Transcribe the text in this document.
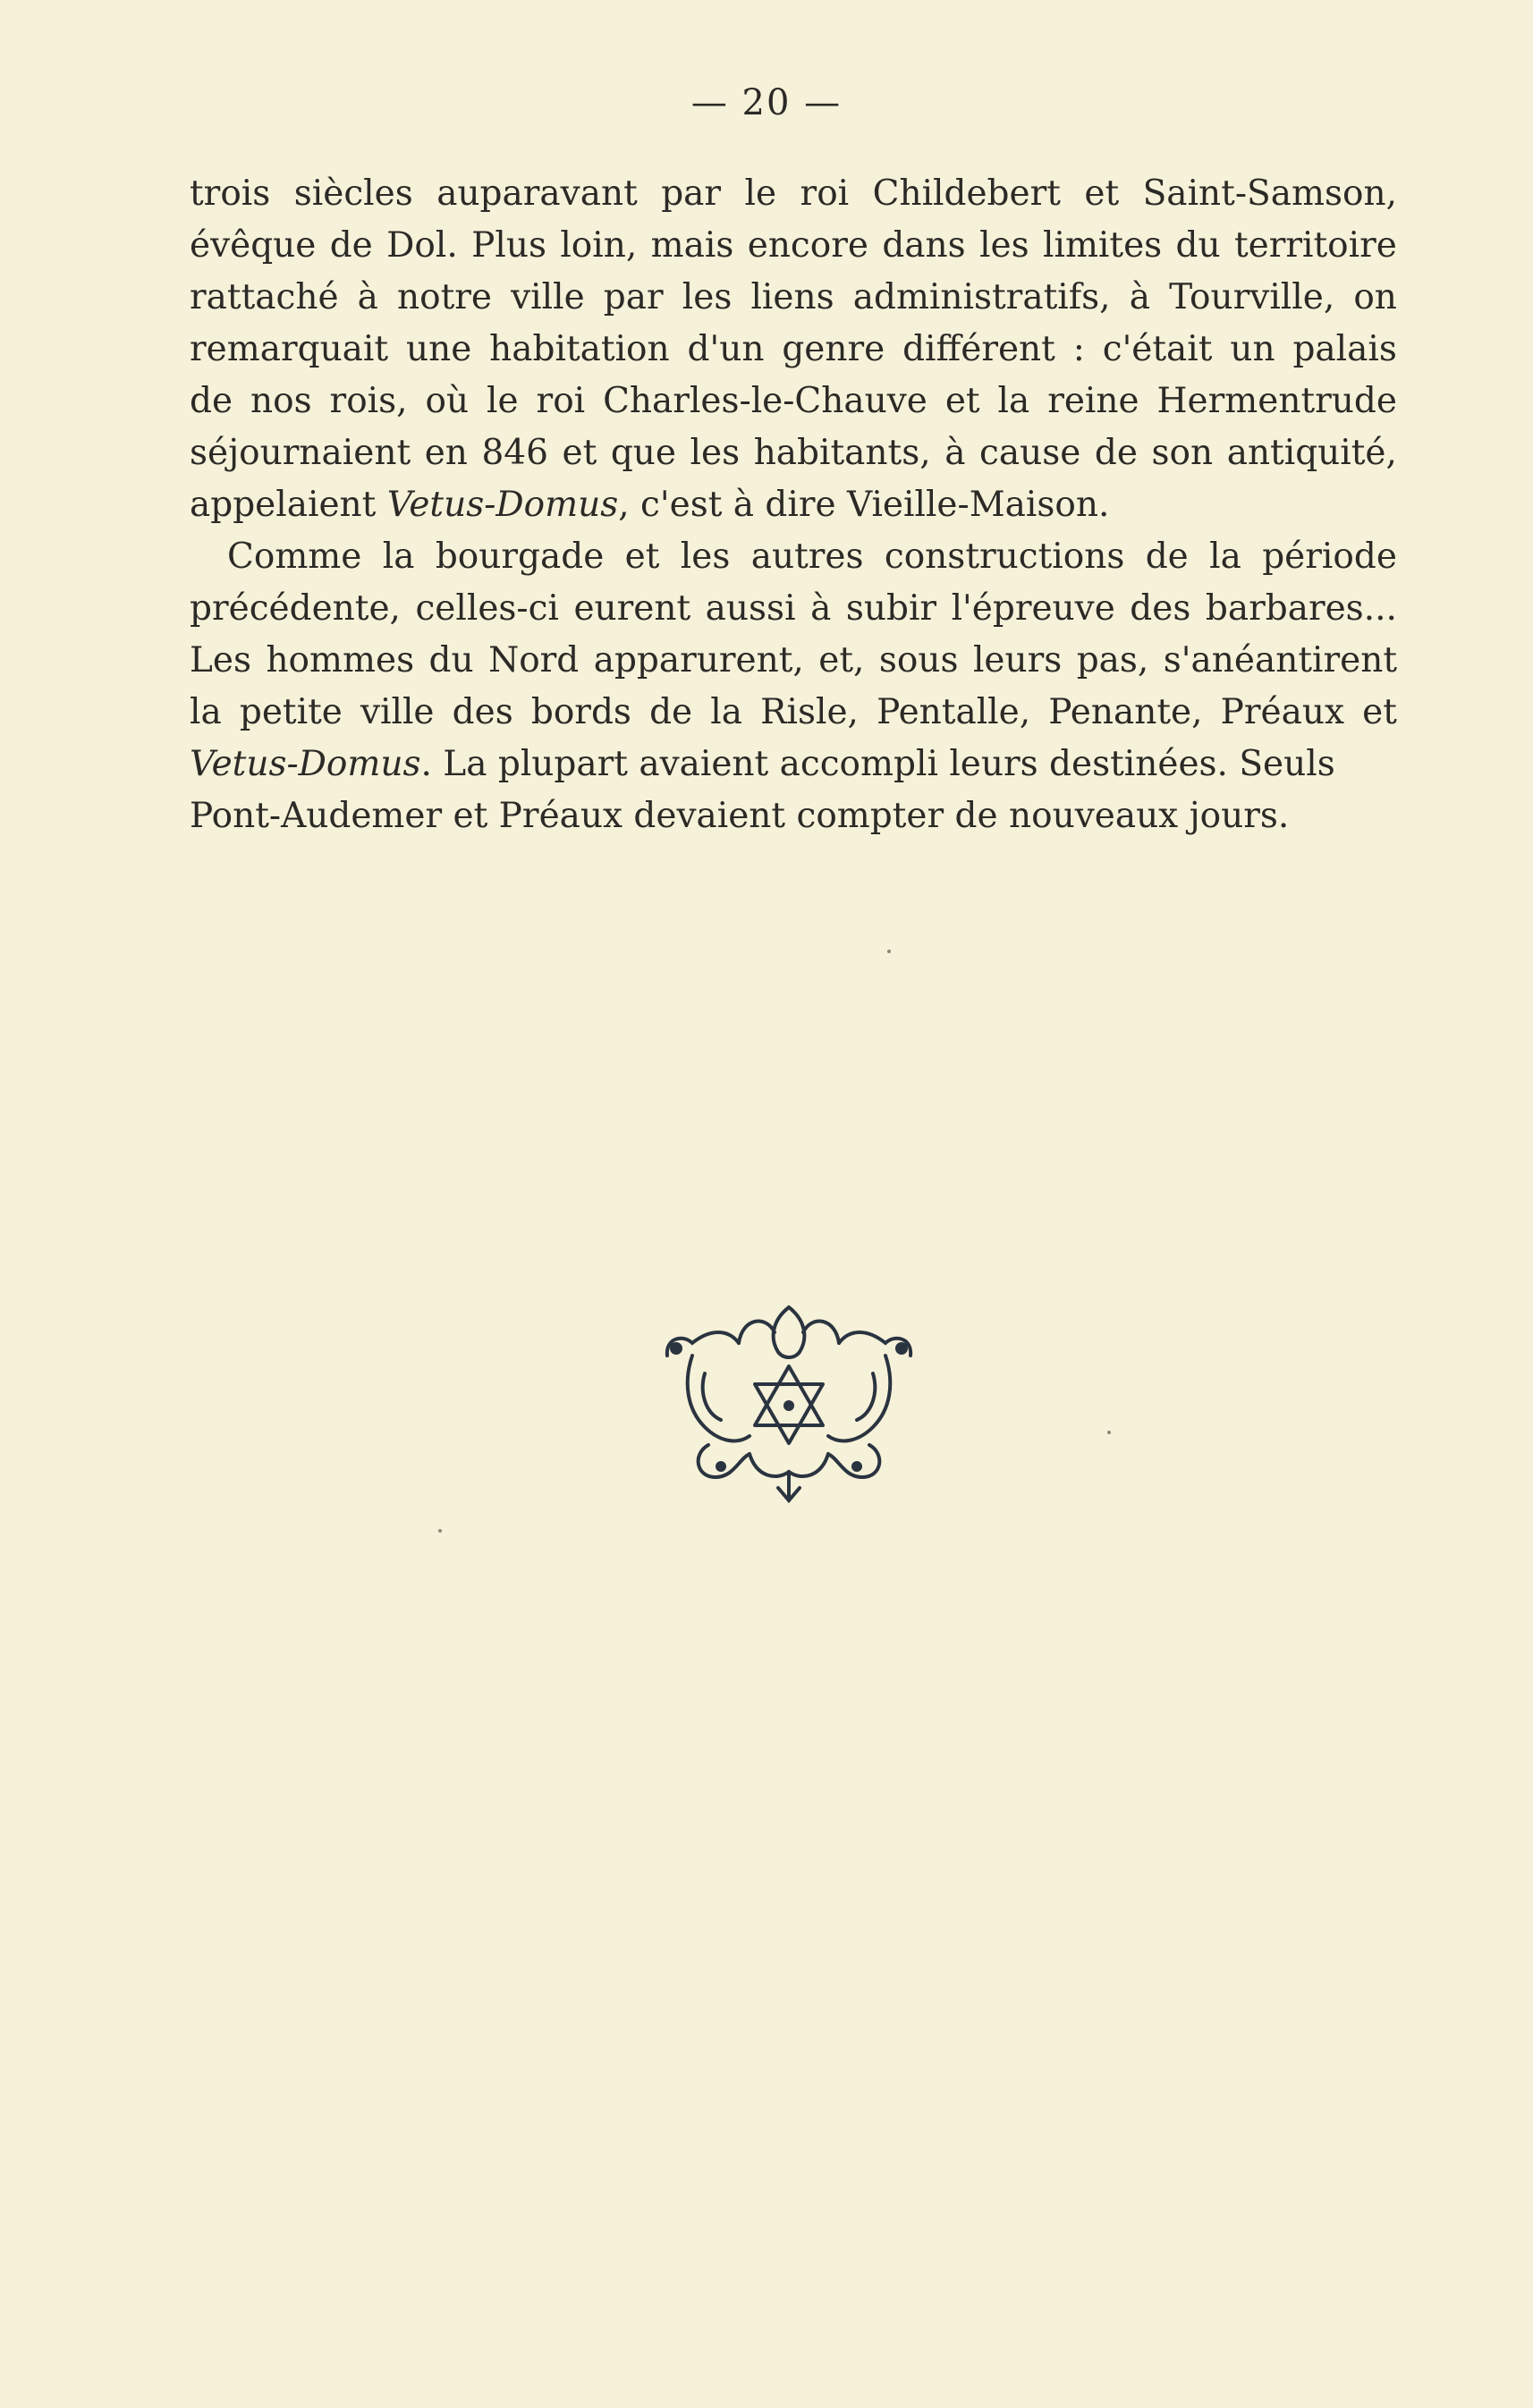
— 20 —
trois siècles auparavant par le roi Childebert et Saint-Samson,
évêque de Dol. Plus loin, mais encore dans les limites du territoire
rattaché à notre ville par les liens administratifs, à Tourville, on
remarquait une habitation d'un genre différent : c'était un palais
de nos rois, où le roi Charles-le-Chauve et la reine Hermentrude
séjournaient en 846 et que les habitants, à cause de son antiquité,
appelaient Vetus-Domus, c'est à dire Vieille-Maison.
Comme la bourgade et les autres constructions de la période
précédente, celles-ci eurent aussi à subir l'épreuve des barbares...
Les hommes du Nord apparurent, et, sous leurs pas, s'anéantirent
la petite ville des bords de la Risle, Pentalle, Penante, Préaux et
Vetus-Domus. La plupart avaient accompli leurs destinées. Seuls
Pont-Audemer et Préaux devaient compter de nouveaux jours.
